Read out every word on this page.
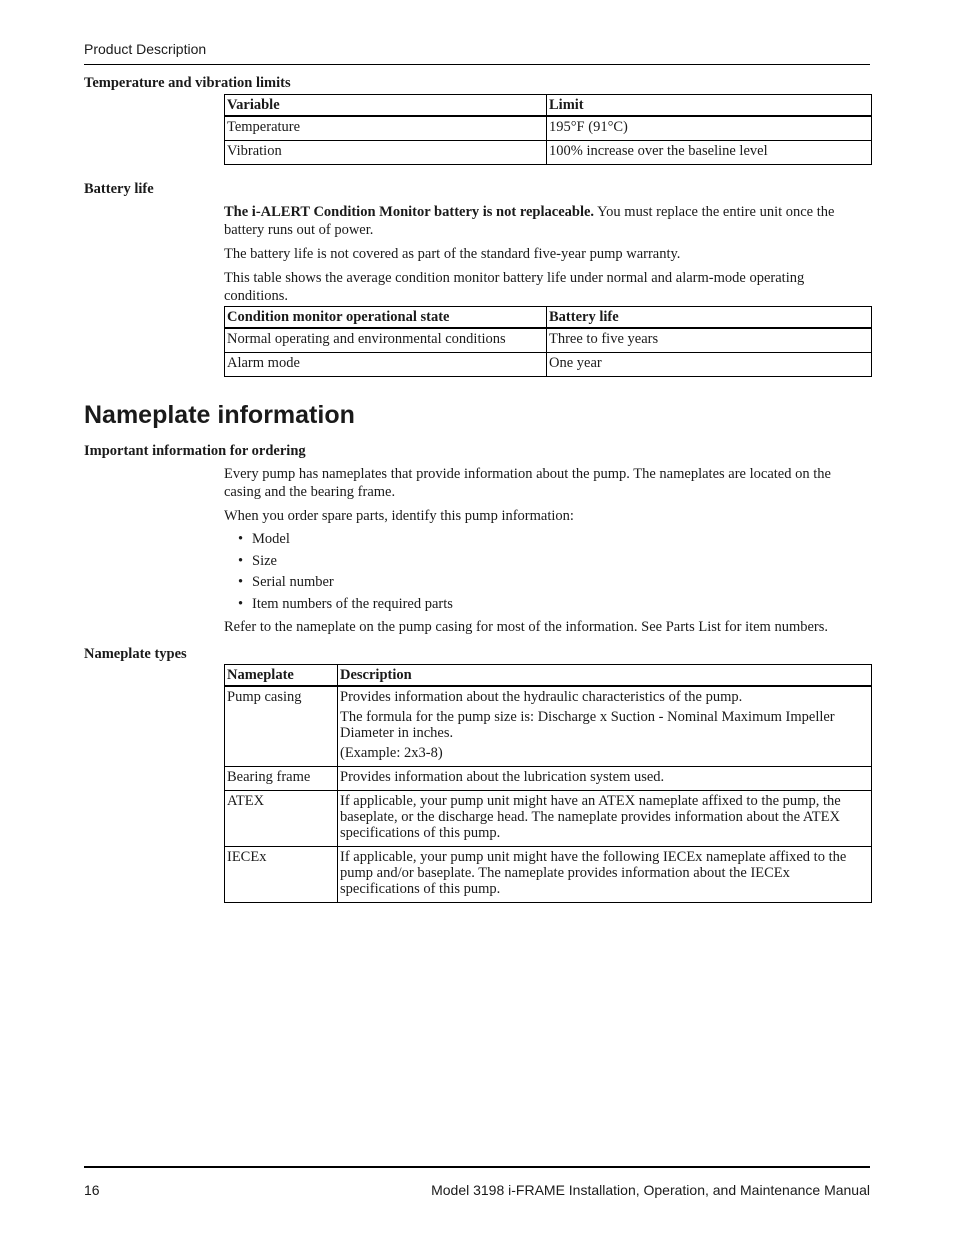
Product Description
Temperature and vibration limits
Variable	Limit
Temperature	195°F (91°C)
Vibration	100% increase over the baseline level
Battery life
The i-ALERT Condition Monitor battery is not replaceable. You must replace the entire unit once the battery runs out of power.
The battery life is not covered as part of the standard five-year pump warranty.
This table shows the average condition monitor battery life under normal and alarm-mode operating conditions.
Condition monitor operational state	Battery life
Normal operating and environmental conditions	Three to five years
Alarm mode	One year
Nameplate information
Important information for ordering
Every pump has nameplates that provide information about the pump. The nameplates are located on the casing and the bearing frame.
When you order spare parts, identify this pump information:
• Model
• Size
• Serial number
• Item numbers of the required parts
Refer to the nameplate on the pump casing for most of the information. See Parts List for item numbers.
Nameplate types
Nameplate	Description
Pump casing	Provides information about the hydraulic characteristics of the pump.

The formula for the pump size is: Discharge x Suction - Nominal Maximum Impeller Diameter in inches.

(Example: 2x3-8)

Bearing frame	Provides information about the lubrication system used.

ATEX	If applicable, your pump unit might have an ATEX nameplate affixed to the pump, the baseplate, or the discharge head. The nameplate provides information about the ATEX specifications of this pump.

IECEx	If applicable, your pump unit might have the following IECEx nameplate affixed to the pump and/or baseplate. The nameplate provides information about the IECEx specifications of this pump.

16	Model 3198 i-FRAME Installation, Operation, and Maintenance Manual
